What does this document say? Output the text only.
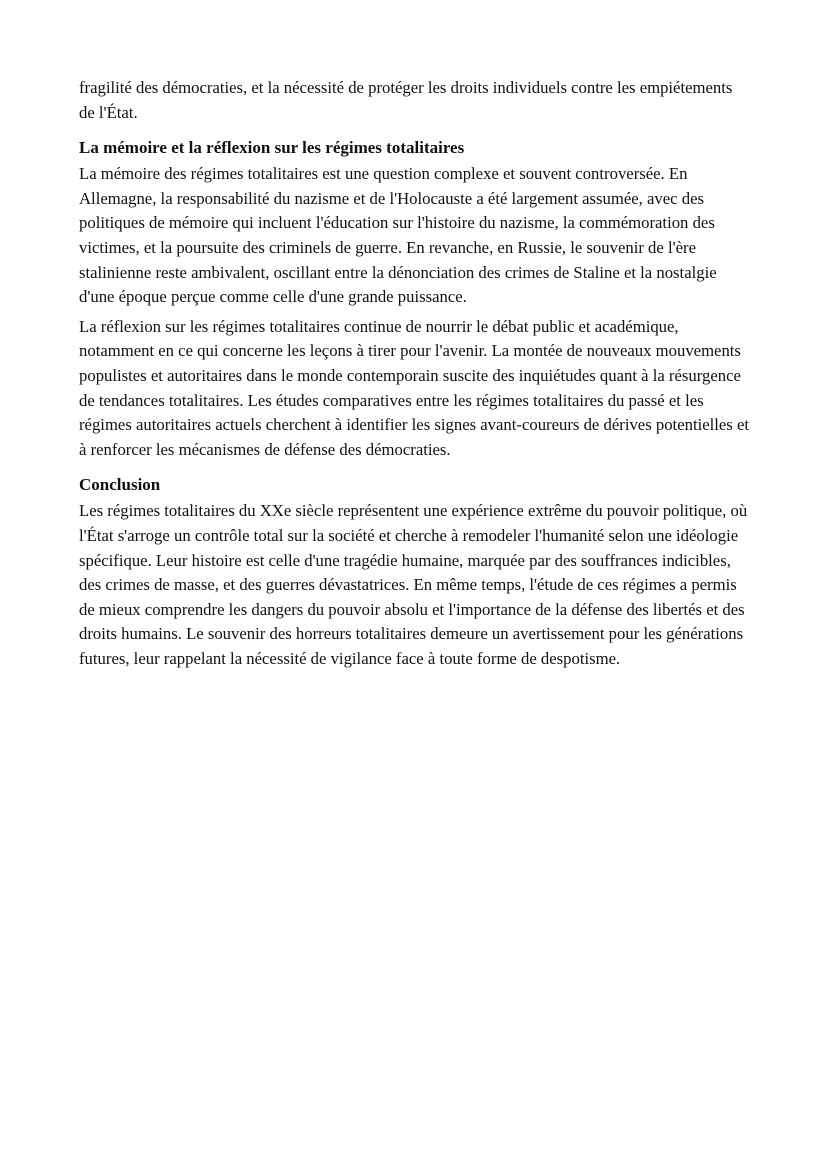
fragilité des démocraties, et la nécessité de protéger les droits individuels contre les empiétements de l'État.

La mémoire et la réflexion sur les régimes totalitaires

La mémoire des régimes totalitaires est une question complexe et souvent controversée. En Allemagne, la responsabilité du nazisme et de l'Holocauste a été largement assumée, avec des politiques de mémoire qui incluent l'éducation sur l'histoire du nazisme, la commémoration des victimes, et la poursuite des criminels de guerre. En revanche, en Russie, le souvenir de l'ère stalinienne reste ambivalent, oscillant entre la dénonciation des crimes de Staline et la nostalgie d'une époque perçue comme celle d'une grande puissance.

La réflexion sur les régimes totalitaires continue de nourrir le débat public et académique, notamment en ce qui concerne les leçons à tirer pour l'avenir. La montée de nouveaux mouvements populistes et autoritaires dans le monde contemporain suscite des inquiétudes quant à la résurgence de tendances totalitaires. Les études comparatives entre les régimes totalitaires du passé et les régimes autoritaires actuels cherchent à identifier les signes avant-coureurs de dérives potentielles et à renforcer les mécanismes de défense des démocraties.

Conclusion

Les régimes totalitaires du XXe siècle représentent une expérience extrême du pouvoir politique, où l'État s'arroge un contrôle total sur la société et cherche à remodeler l'humanité selon une idéologie spécifique. Leur histoire est celle d'une tragédie humaine, marquée par des souffrances indicibles, des crimes de masse, et des guerres dévastatrices. En même temps, l'étude de ces régimes a permis de mieux comprendre les dangers du pouvoir absolu et l'importance de la défense des libertés et des droits humains. Le souvenir des horreurs totalitaires demeure un avertissement pour les générations futures, leur rappelant la nécessité de vigilance face à toute forme de despotisme.
